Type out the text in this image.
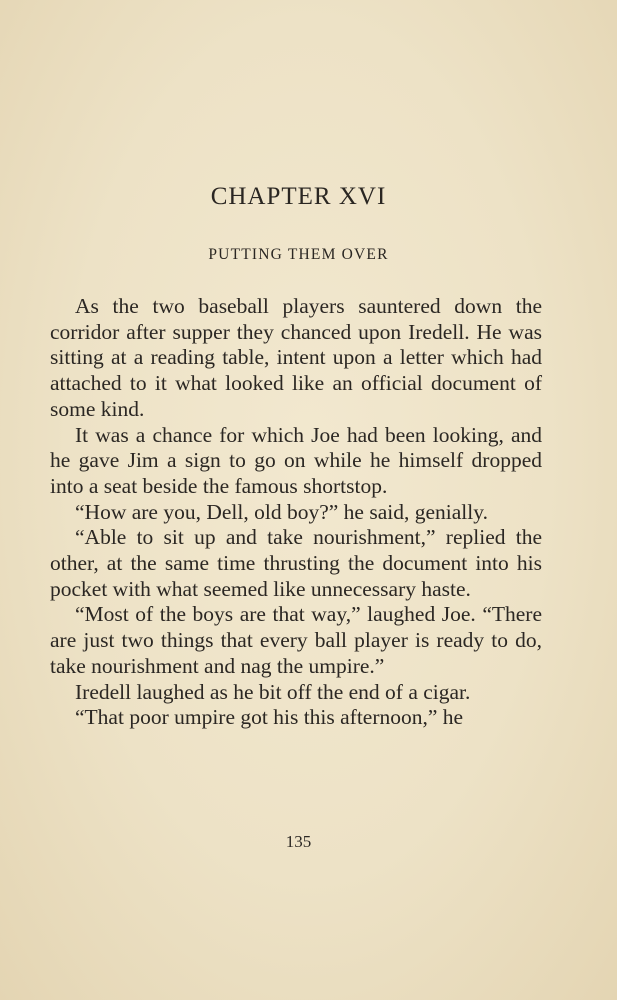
CHAPTER XVI
PUTTING THEM OVER

As the two baseball players sauntered down the corridor after supper they chanced upon Iredell. He was sitting at a reading table, intent upon a letter which had attached to it what looked like an official document of some kind.

It was a chance for which Joe had been looking, and he gave Jim a sign to go on while he himself dropped into a seat beside the famous shortstop.

“How are you, Dell, old boy?” he said, genially.

“Able to sit up and take nourishment,” replied the other, at the same time thrusting the document into his pocket with what seemed like unnecessary haste.

“Most of the boys are that way,” laughed Joe. “There are just two things that every ball player is ready to do, take nourishment and nag the umpire.”

Iredell laughed as he bit off the end of a cigar.

“That poor umpire got his this afternoon,” he

135
